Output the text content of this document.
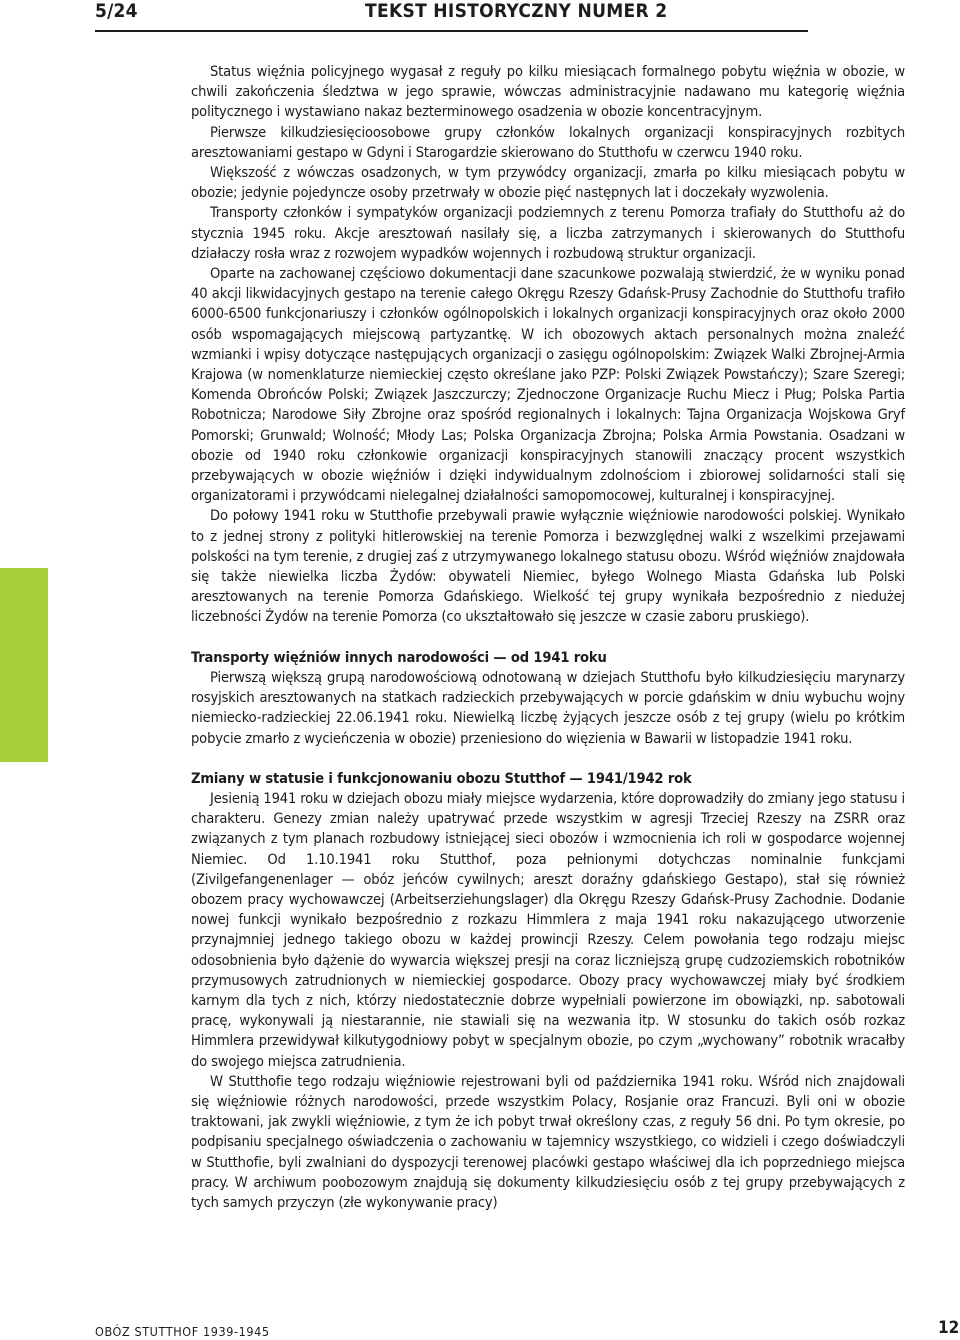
5/24	TEKST HISTORYCZNY NUMER 2

Status więźnia policyjnego wygasał z reguły po kilku miesiącach formalnego pobytu więźnia w obozie, w chwili zakończenia śledztwa w jego sprawie, wówczas administracyjnie nadawano mu kategorię więźnia politycznego i wystawiano nakaz bezterminowego osadzenia w obozie koncentracyjnym.

Pierwsze kilkudziesięcioosobowe grupy członków lokalnych organizacji konspiracyjnych rozbitych aresztowaniami gestapo w Gdyni i Starogardzie skierowano do Stutthofu w czerwcu 1940 roku.

Większość z wówczas osadzonych, w tym przywódcy organizacji, zmarła po kilku miesiącach pobytu w obozie; jedynie pojedyncze osoby przetrwały w obozie pięć następnych lat i doczekały wyzwolenia.

Transporty członków i sympatyków organizacji podziemnych z terenu Pomorza trafiały do Stutthofu aż do stycznia 1945 roku. Akcje aresztowań nasilały się, a liczba zatrzymanych i skierowanych do Stutthofu działaczy rosła wraz z rozwojem wypadków wojennych i rozbudową struktur organizacji.

Oparte na zachowanej częściowo dokumentacji dane szacunkowe pozwalają stwierdzić, że w wyniku ponad 40 akcji likwidacyjnych gestapo na terenie całego Okręgu Rzeszy Gdańsk-Prusy Zachodnie do Stutthofu trafiło 6000-6500 funkcjonariuszy i członków ogólnopolskich i lokalnych organizacji konspiracyjnych oraz około 2000 osób wspomagających miejscową partyzantkę. W ich obozowych aktach personalnych można znaleźć wzmianki i wpisy dotyczące następujących organizacji o zasięgu ogólnopolskim: Związek Walki Zbrojnej-Armia Krajowa (w nomenklaturze niemieckiej często określane jako PZP: Polski Związek Powstańczy); Szare Szeregi; Komenda Obrońców Polski; Związek Jaszczurczy; Zjednoczone Organizacje Ruchu Miecz i Pług; Polska Partia Robotnicza; Narodowe Siły Zbrojne oraz spośród regionalnych i lokalnych: Tajna Organizacja Wojskowa Gryf Pomorski; Grunwald; Wolność; Młody Las; Polska Organizacja Zbrojna; Polska Armia Powstania. Osadzani w obozie od 1940 roku członkowie organizacji konspiracyjnych stanowili znaczący procent wszystkich przebywających w obozie więźniów i dzięki indywidualnym zdolnościom i zbiorowej solidarności stali się organizatorami i przywódcami nielegalnej działalności samopomocowej, kulturalnej i konspiracyjnej.

Do połowy 1941 roku w Stutthofie przebywali prawie wyłącznie więźniowie narodowości polskiej. Wynikało to z jednej strony z polityki hitlerowskiej na terenie Pomorza i bezwzględnej walki z wszelkimi przejawami polskości na tym terenie, z drugiej zaś z utrzymywanego lokalnego statusu obozu. Wśród więźniów znajdowała się także niewielka liczba Żydów: obywateli Niemiec, byłego Wolnego Miasta Gdańska lub Polski aresztowanych na terenie Pomorza Gdańskiego. Wielkość tej grupy wynikała bezpośrednio z niedużej liczebności Żydów na terenie Pomorza (co ukształtowało się jeszcze w czasie zaboru pruskiego).

Transporty więźniów innych narodowości — od 1941 roku

Pierwszą większą grupą narodowościową odnotowaną w dziejach Stutthofu było kilkudziesięciu marynarzy rosyjskich aresztowanych na statkach radzieckich przebywających w porcie gdańskim w dniu wybuchu wojny niemiecko-radzieckiej 22.06.1941 roku. Niewielką liczbę żyjących jeszcze osób z tej grupy (wielu po krótkim pobycie zmarło z wycieńczenia w obozie) przeniesiono do więzienia w Bawarii w listopadzie 1941 roku.

Zmiany w statusie i funkcjonowaniu obozu Stutthof — 1941/1942 rok

Jesienią 1941 roku w dziejach obozu miały miejsce wydarzenia, które doprowadziły do zmiany jego statusu i charakteru. Genezy zmian należy upatrywać przede wszystkim w agresji Trzeciej Rzeszy na ZSRR oraz związanych z tym planach rozbudowy istniejącej sieci obozów i wzmocnienia ich roli w gospodarce wojennej Niemiec. Od 1.10.1941 roku Stutthof, poza pełnionymi dotychczas nominalnie funkcjami (Zivilgefangenenlager — obóz jeńców cywilnych; areszt doraźny gdańskiego Gestapo), stał się również obozem pracy wychowawczej (Arbeitserziehungslager) dla Okręgu Rzeszy Gdańsk-Prusy Zachodnie. Dodanie nowej funkcji wynikało bezpośrednio z rozkazu Himmlera z maja 1941 roku nakazującego utworzenie przynajmniej jednego takiego obozu w każdej prowincji Rzeszy. Celem powołania tego rodzaju miejsc odosobnienia było dążenie do wywarcia większej presji na coraz liczniejszą grupę cudzoziemskich robotników przymusowych zatrudnionych w niemieckiej gospodarce. Obozy pracy wychowawczej miały być środkiem karnym dla tych z nich, którzy niedostatecznie dobrze wypełniali powierzone im obowiązki, np. sabotowali pracę, wykonywali ją niestarannie, nie stawiali się na wezwania itp. W stosunku do takich osób rozkaz Himmlera przewidywał kilkutygodniowy pobyt w specjalnym obozie, po czym „wychowany” robotnik wracałby do swojego miejsca zatrudnienia.

W Stutthofie tego rodzaju więźniowie rejestrowani byli od października 1941 roku. Wśród nich znajdowali się więźniowie różnych narodowości, przede wszystkim Polacy, Rosjanie oraz Francuzi. Byli oni w obozie traktowani, jak zwykli więźniowie, z tym że ich pobyt trwał określony czas, z reguły 56 dni. Po tym okresie, po podpisaniu specjalnego oświadczenia o zachowaniu w tajemnicy wszystkiego, co widzieli i czego doświadczyli w Stutthofie, byli zwalniani do dyspozycji terenowej placówki gestapo właściwej dla ich poprzedniego miejsca pracy. W archiwum poobozowym znajdują się dokumenty kilkudziesięciu osób z tej grupy przebywających z tych samych przyczyn (złe wykonywanie pracy)

OBÓZ STUTTHOF 1939-1945	12
